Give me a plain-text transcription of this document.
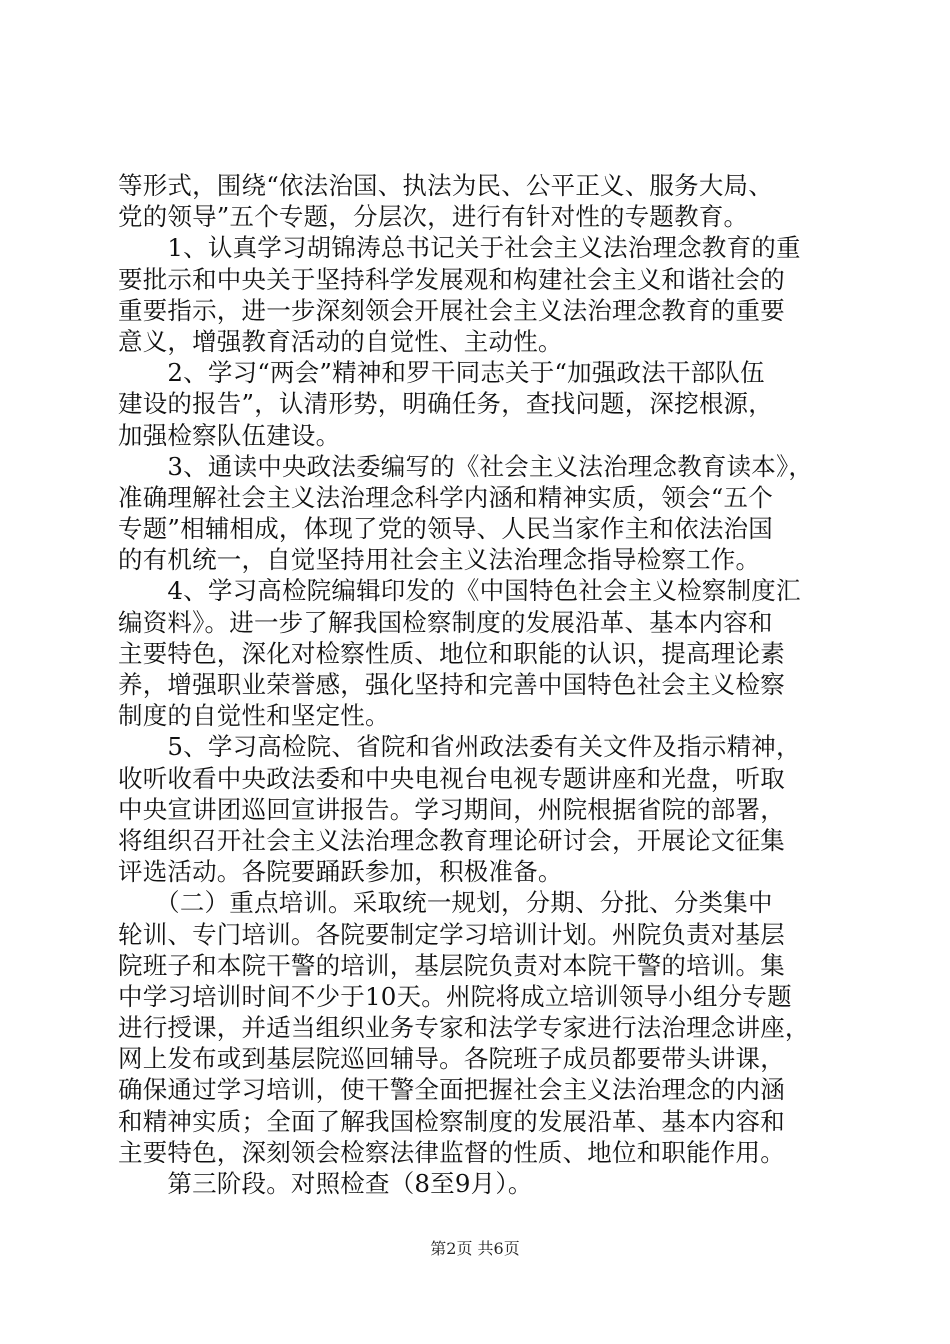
等形式，围绕“依法治国、执法为民、公平正义、服务大局、
党的领导”五个专题，分层次，进行有针对性的专题教育。
　　1、认真学习胡锦涛总书记关于社会主义法治理念教育的重
要批示和中央关于坚持科学发展观和构建社会主义和谐社会的
重要指示，进一步深刻领会开展社会主义法治理念教育的重要
意义，增强教育活动的自觉性、主动性。
　　2、学习“两会”精神和罗干同志关于“加强政法干部队伍
建设的报告”，认清形势，明确任务，查找问题，深挖根源，
加强检察队伍建设。
　　3、通读中央政法委编写的《社会主义法治理念教育读本》，
准确理解社会主义法治理念科学内涵和精神实质，领会“五个
专题”相辅相成，体现了党的领导、人民当家作主和依法治国
的有机统一，自觉坚持用社会主义法治理念指导检察工作。
　　4、学习高检院编辑印发的《中国特色社会主义检察制度汇
编资料》。进一步了解我国检察制度的发展沿革、基本内容和
主要特色，深化对检察性质、地位和职能的认识，提高理论素
养，增强职业荣誉感，强化坚持和完善中国特色社会主义检察
制度的自觉性和坚定性。
　　5、学习高检院、省院和省州政法委有关文件及指示精神，
收听收看中央政法委和中央电视台电视专题讲座和光盘，听取
中央宣讲团巡回宣讲报告。学习期间，州院根据省院的部署，
将组织召开社会主义法治理念教育理论研讨会，开展论文征集
评选活动。各院要踊跃参加，积极准备。
　　（二）重点培训。采取统一规划，分期、分批、分类集中
轮训、专门培训。各院要制定学习培训计划。州院负责对基层
院班子和本院干警的培训，基层院负责对本院干警的培训。集
中学习培训时间不少于10天。州院将成立培训领导小组分专题
进行授课，并适当组织业务专家和法学专家进行法治理念讲座，
网上发布或到基层院巡回辅导。各院班子成员都要带头讲课，
确保通过学习培训，使干警全面把握社会主义法治理念的内涵
和精神实质；全面了解我国检察制度的发展沿革、基本内容和
主要特色，深刻领会检察法律监督的性质、地位和职能作用。
　　第三阶段。对照检查（8至9月）。
第2页 共6页
